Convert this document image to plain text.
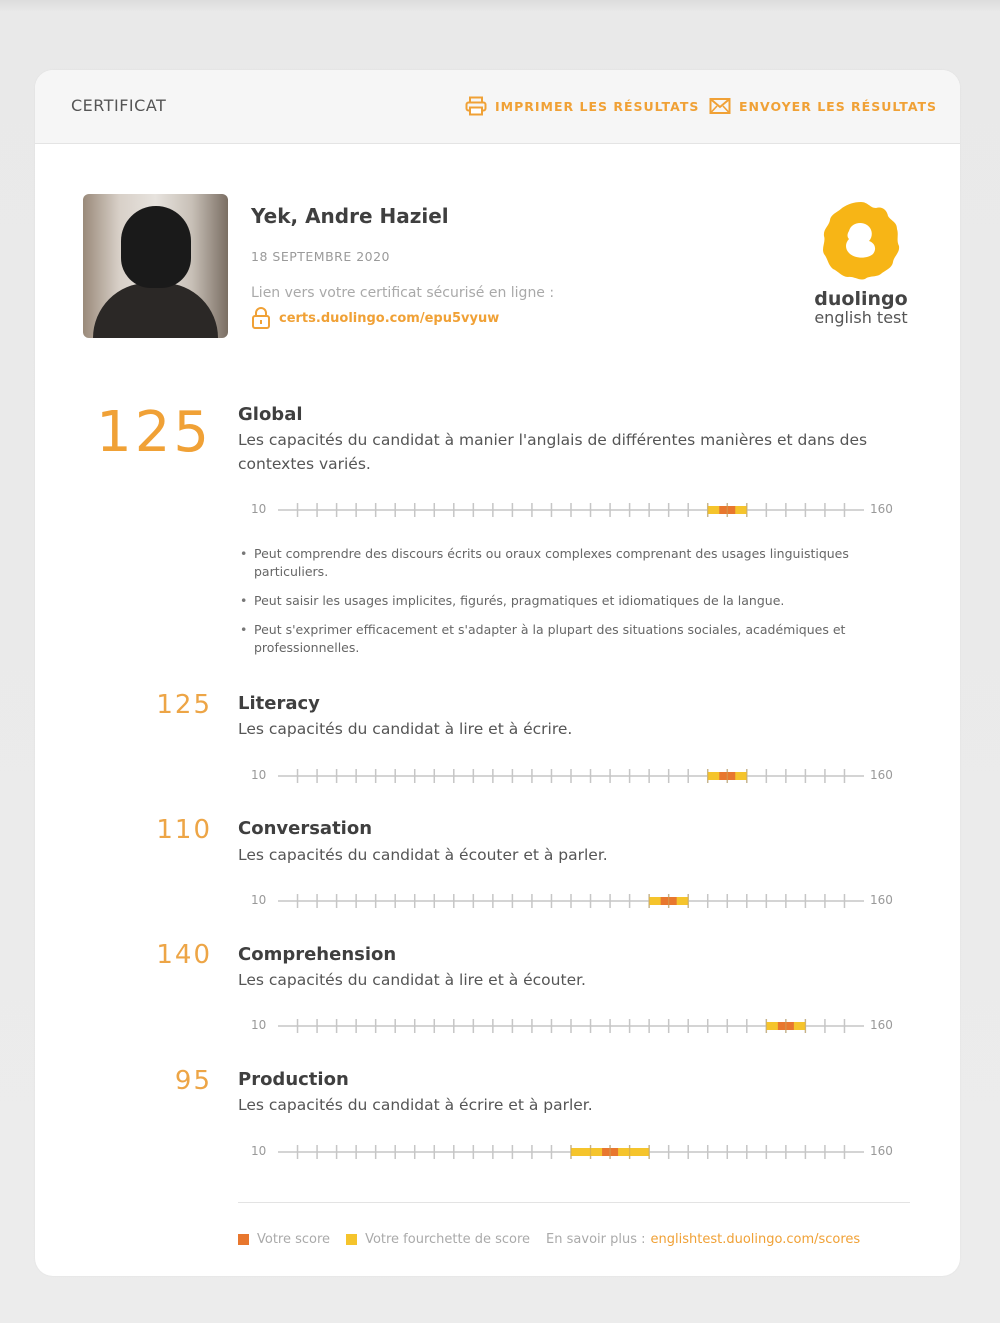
CERTIFICAT	IMPRIMER LES RÉSULTATS	ENVOYER LES RÉSULTATS
Yek, Andre Haziel
18 SEPTEMBRE 2020
Lien vers votre certificat sécurisé en ligne :
certs.duolingo.com/epu5vyuw
duolingo
english test
125 Global
Les capacités du candidat à manier l'anglais de différentes manières et dans des contextes variés.
10	160
• Peut comprendre des discours écrits ou oraux complexes comprenant des usages linguistiques particuliers.
• Peut saisir les usages implicites, figurés, pragmatiques et idiomatiques de la langue.
• Peut s'exprimer efficacement et s'adapter à la plupart des situations sociales, académiques et professionnelles.
125 Literacy
Les capacités du candidat à lire et à écrire.
10	160
110 Conversation
Les capacités du candidat à écouter et à parler.
10	160
140 Comprehension
Les capacités du candidat à lire et à écouter.
10	160
95 Production
Les capacités du candidat à écrire et à parler.
10	160
Votre score	Votre fourchette de score En savoir plus : englishtest.duolingo.com/scores
